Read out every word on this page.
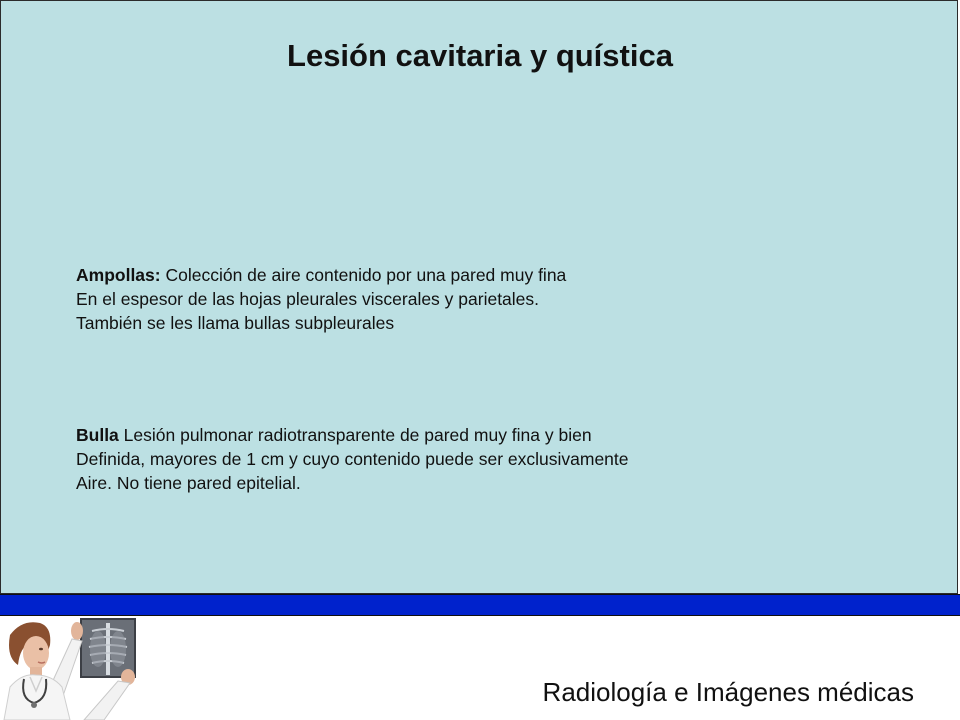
Lesión cavitaria y quística

Ampollas: Colección de aire contenido por una pared muy fina

En el espesor de las hojas pleurales viscerales y parietales.

También se les llama bullas subpleurales

Bulla Lesión pulmonar radiotransparente de pared muy fina y bien

Definida, mayores de 1 cm y cuyo contenido puede ser exclusivamente

Aire. No tiene pared epitelial.

Radiología e Imágenes médicas
